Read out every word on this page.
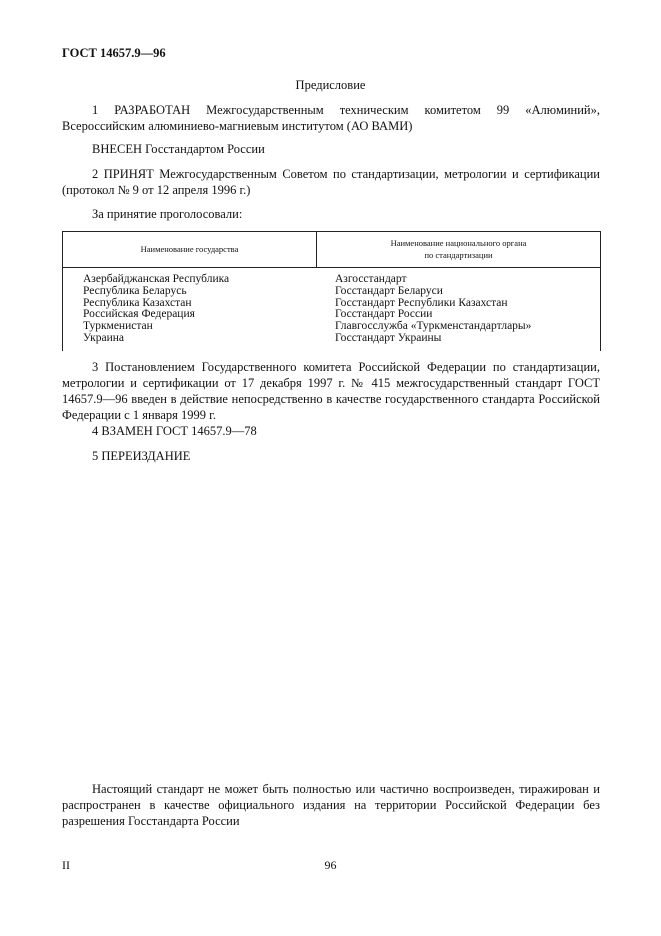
ГОСТ 14657.9—96
Предисловие
1 РАЗРАБОТАН Межгосударственным техническим комитетом 99 «Алюминий», Всероссийским алюминиево-магниевым институтом (АО ВАМИ)
ВНЕСЕН Госстандартом России
2 ПРИНЯТ Межгосударственным Советом по стандартизации, метрологии и сертификации (протокол № 9 от 12 апреля 1996 г.)
За принятие проголосовали:
Наименование государства
Наименование национального органа
по стандартизации
Азербайджанская Республика
Республика Беларусь
Республика Казахстан
Российская Федерация
Туркменистан
Украина
Азгосстандарт
Госстандарт Беларуси
Госстандарт Республики Казахстан
Госстандарт России
Главгосслужба «Туркменстандартлары»
Госстандарт Украины
3 Постановлением Государственного комитета Российской Федерации по стандартизации, метрологии и сертификации от 17 декабря 1997 г. № 415 межгосударственный стандарт ГОСТ 14657.9—96 введен в действие непосредственно в качестве государственного стандарта Российской Федерации с 1 января 1999 г.
4 ВЗАМЕН ГОСТ 14657.9—78
5 ПЕРЕИЗДАНИЕ
Настоящий стандарт не может быть полностью или частично воспроизведен, тиражирован и распространен в качестве официального издания на территории Российской Федерации без разрешения Госстандарта России
II	96
